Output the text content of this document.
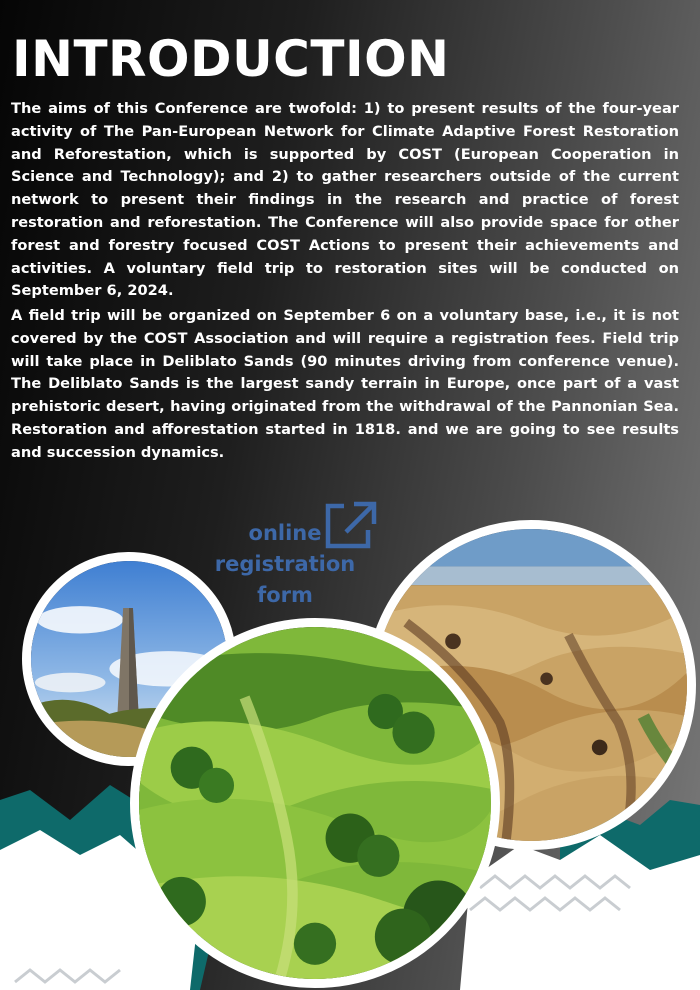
INTRODUCTION

The aims of this Conference are twofold: 1) to present results of the four-year activity of The Pan-European Network for Climate Adaptive Forest Restoration and Reforestation, which is supported by COST (European Cooperation in Science and Technology); and 2) to gather researchers outside of the current network to present their findings in the research and practice of forest restoration and reforestation. The Conference will also provide space for other forest and forestry focused COST Actions to present their achievements and activities. A voluntary field trip to restoration sites will be conducted on September 6, 2024.

A field trip will be organized on September 6 on a voluntary base, i.e., it is not covered by the COST Association and will require a registration fees. Field trip will take place in Deliblato Sands (90 minutes driving from conference venue). The Deliblato Sands is the largest sandy terrain in Europe, once part of a vast prehistoric desert, having originated from the withdrawal of the Pannonian Sea. Restoration and afforestation started in 1818. and we are going to see results and succession dynamics.

online
registration
form
